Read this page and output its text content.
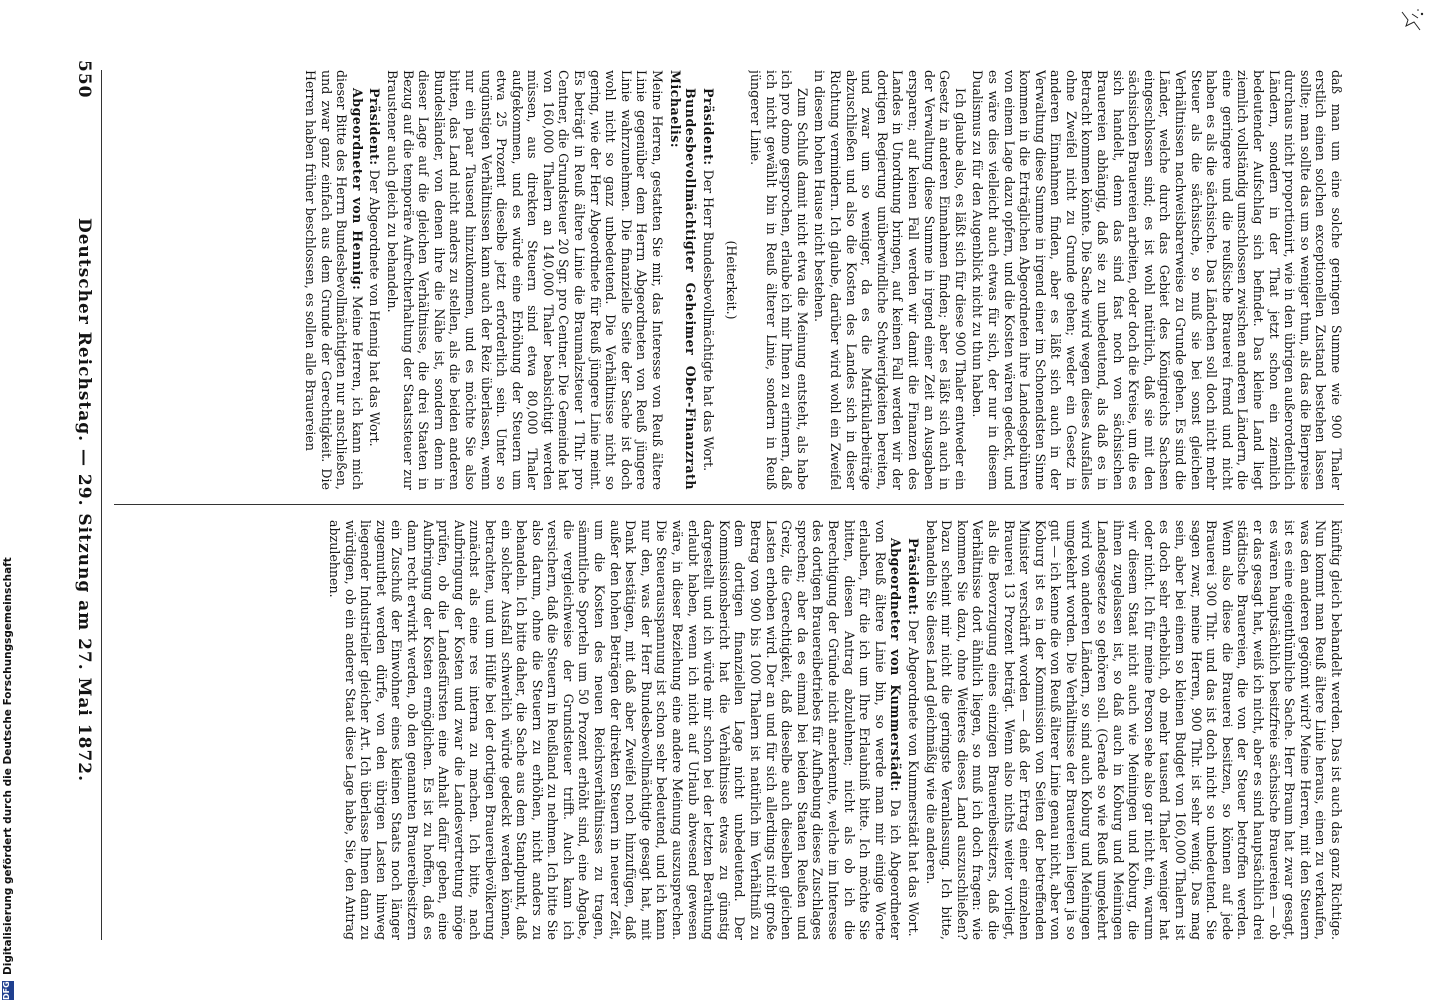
550
Deutscher Reichstag. — 29. Sitzung am 27. Mai 1872.	daß man um eine solche geringen Summe wie 900 Thaler erstlich einen solchen exceptionellen Zustand bestehen lassen sollte; man sollte das um so weniger thun, als das die Bierpreise durchaus nicht proportionirt, wie in den übrigen außerordentlich Ländern, sondern in der That jetzt schon ein ziemlich bedeutender Aufschlag sich befindet. Das kleine Land liegt ziemlich vollständig umschlossen zwischen anderen Ländern, die eine geringere und die reußische Brauerei fremd und nicht haben es als die sächsische. Das Ländchen soll doch nicht mehr Steuer als die sächsische, so muß sie bei sonst gleichen Verhältnissen nachweisbarerweise zu Grunde gehen. Es sind die Länder, welche durch das Gebiet des Königreichs Sachsen eingeschlossen sind; es ist wohl natürlich, daß sie mit den sächsischen Brauereien arbeiten, oder doch die Kreise, um die es sich handelt, denn das sind fast noch von sächsischen Brauereien abhängig, daß sie zu unbedeutend, als daß es in Betracht kommen könnte. Die Sache wird wegen dieses Ausfalles ohne Zweifel nicht zu Grunde gehen; weder ein Gesetz in anderen Einnahmen finden, aber es läßt sich auch in der Verwaltung diese Summe in irgend einer im Schonendsten Sinne kommen in die Erträglichen Abgeordneten ihre Landesgebühren von einem Lage dazu opfern, und die Kosten wären gedeckt, und es wäre dies vielleicht auch etwas für sich, der nur in diesem Dualismus zu für den Augenblick nicht zu thun haben.

Ich glaube also, es läßt sich für diese 900 Thaler entweder ein Gesetz in anderen Einnahmen finden; aber es läßt sich auch in der Verwaltung diese Summe in irgend einer Zeit an Ausgaben ersparen; auf keinen Fall werden wir damit die Finanzen des Landes in Unordnung bringen, auf keinen Fall werden wir der dortigen Regierung unüberwindliche Schwierigkeiten bereiten, und zwar um so weniger, da es die Matrikularbeiträge abzuschließen und also die Kosten des Landes sich in dieser Richtung vermindern. Ich glaube, darüber wird wohl ein Zweifel in diesem hohen Hause nicht bestehen.

Zum Schluß damit nicht etwa die Meinung entsteht, als habe ich pro domo gesprochen, erlaube ich mir Ihnen zu erinnern, daß ich nicht gewählt bin in Reuß älterer Linie, sondern in Reuß jüngerer Linie.

(Heiterkeit.)

Präsident: Der Herr Bundesbevollmächtigte hat das Wort.

Bundesbevollmächtigter Geheimer Ober-Finanzrath Michaelis:

Meine Herren, gestatten Sie mir, das Interesse von Reuß ältere Linie gegenüber dem Herrn Abgeordneten von Reuß jüngere Linie wahrzunehmen. Die finanzielle Seite der Sache ist doch wohl nicht so ganz unbedeutend. Die Verhältnisse nicht so gering, wie der Herr Abgeordnete für Reuß jüngere Linie meint. Es beträgt in Reuß ältere Linie die Braumalzsteuer 1 Thlr. pro Centner, die Grundsteuer 20 Sgr. pro Centner. Die Gemeinde hat von 160,000 Thalern an 140,000 Thaler beabsichtigt werden müssen, aus direkten Steuern sind etwa 80,000 Thaler aufgekommen, und es würde eine Erhöhung der Steuern um etwa 25 Prozent dieselbe jetzt erforderlich sein. Unter so ungünstigen Verhältnissen kann auch der Reiz überlassen, wenn nur ein paar Tausend hinzukommen, und es möchte Sie also bitten, das Land nicht anders zu stellen, als die beiden anderen Bundesländer, von denen ihre die Nähe ist, sondern denn in dieser Lage auf die gleichen Verhältnisse, die drei Staaten in Bezug auf die temporäre Aufrechterhaltung der Staatssteuer zur Braustener auch gleich zu behandeln.

Präsident: Der Abgeordnete von Hennig hat das Wort.

Abgeordneter von Hennig: Meine Herren, ich kann mich dieser Bitte des Herrn Bundesbevollmächtigten nur anschließen, und zwar ganz einfach aus dem Grunde der Gerechtigkeit. Die Herren haben früher beschlossen, es sollen alle Brauereien

künftig gleich behandelt werden. Das ist auch das ganz Richtige. Nun kommt man Reuß ältere Linie heraus, einen zu verkaufen, was den anderen gegönnt wird? Meine Herren, mit den Steuern ist es eine eigenthümliche Sache. Herr Braum hat zwar gesagt, es wären hauptsächlich besitzfreie sächsische Brauereien — ob er das gesagt hat, weiß ich nicht, aber es sind hauptsächlich drei städtische Brauereien, die von der Steuer betroffen werden. Wenn also diese die Brauerei besitzen, so können auf jede Brauerei 300 Thlr. und das ist doch nicht so unbedeutend. Sie sagen zwar, meine Herren, 900 Thlr. ist sehr wenig. Das mag sein, aber bei einem so kleinen Budget von 160,000 Thalern ist es doch sehr erheblich, ob mehr tausend Thaler weniger hat oder nicht. Ich für meine Person sehe also gar nicht ein, warum wir diesem Staat nicht auch wie Meiningen und Koburg, die ihnen zugelassen ist, so daß auch in Koburg und Meiningen Landesgesetze so gehören soll. (Gerade so wie Reuß umgekehrt wird von anderen Ländern, so sind auch Koburg und Meiningen umgekehrt worden. Die Verhältnisse der Brauereien liegen ja so gut — ich kenne die von Reuß älterer Linie genau nicht, aber von Koburg ist es in der Kommission von Seiten der betreffenden Minister verschärft worden — daß der Ertrag einer einzelnen Brauerei 13 Prozent beträgt. Wenn also nichts weiter vorliegt, als die Bevorzugung eines einzigen Brauereibesitzers, daß die Verhältnisse dort ähnlich liegen, so muß ich doch fragen: wie kommen Sie dazu, ohne Weiteres dieses Land auszuschließen? Dazu scheint mir nicht die geringste Veranlassung. Ich bitte, behandeln Sie dieses Land gleichmäßig wie die anderen.

Präsident: Der Abgeordnete von Kummerstädt hat das Wort.

Abgeordneter von Kummerstädt: Da ich Abgeordneter von Reuß ältere Linie bin, so werde man mir einige Worte erlauben, für die ich um Ihre Erlaubniß bitte. Ich möchte Sie bitten, diesen Antrag abzulehnen; nicht als ob ich die Berechtigung der Gründe nicht anerkennte, welche im Interesse des dortigen Brauereibetriebes für Aufhebung dieses Zuschlages sprechen; aber da es einmal bei beiden Staaten Reußen und Greiz, die Gerechtigkeit, daß dieselbe auch dieselben gleichen Lasten erhoben wird. Der an und für sich allerdings nicht große Betrag von 900 bis 1000 Thalern ist natürlich im Verhältniß zu dem dortigen finanziellen Lage nicht unbedeutend. Der Kommissionsbericht hat die Verhältnisse etwas zu günstig dargestellt und ich würde mir schon bei der letzten Berathung erlaubt haben, wenn ich nicht auf Urlaub abwesend gewesen wäre, in dieser Beziehung eine andere Meinung auszusprechen. Die Steuerausspannung ist schon sehr bedeutend, und ich kann nur den, was der Herr Bundesbevollmächtigte gesagt hat, mit Dank bestätigen, mit daß aber Zweifel noch hinzufügen, daß außer den hohen Beträgen der direkten Steuern in neuerer Zeit, um die Kosten des neuen Reichsverhältnisses zu tragen, sämmtliche Sporteln um 50 Prozent erhöht sind, eine Abgabe, die vergleichweise der Grundsteuer trifft. Auch kann ich versichern, daß die Steuern in Reußland zu nehmen. Ich bitte Sie also darum, ohne die Steuern zu erhöhen, nicht anders zu behandeln. Ich bitte daher, die Sache aus dem Standpunkt, daß ein solcher Ausfall schwerlich würde gedeckt werden können, betrachten, und um Hülfe bei der dortigen Brauereibevölkerung zunächst als eine res interna zu machen. Ich bitte, nach Aufbringung der Kosten und zwar die Landesvertretung möge prüfen, ob die Landesfürsten eine Anhalt dafür geben, eine Aufbringung der Kosten ermöglichen. Es ist zu hoffen, daß es dann recht erwirkt werden, ob den genannten Brauereibesitzern ein Zuschuß der Einwohner eines kleinen Staats noch länger zugemuthet werden dürfe, von den übrigen Lasten hinweg liegender Industrieller gleicher Art. Ich überlasse Ihnen dann zu würdigen, ob ein anderer Staat diese Lage habe, Sie, den Antrag abzulehnen.

DFG
Digitalisierung gefördert durch die Deutsche Forschungsgemeinschaft
